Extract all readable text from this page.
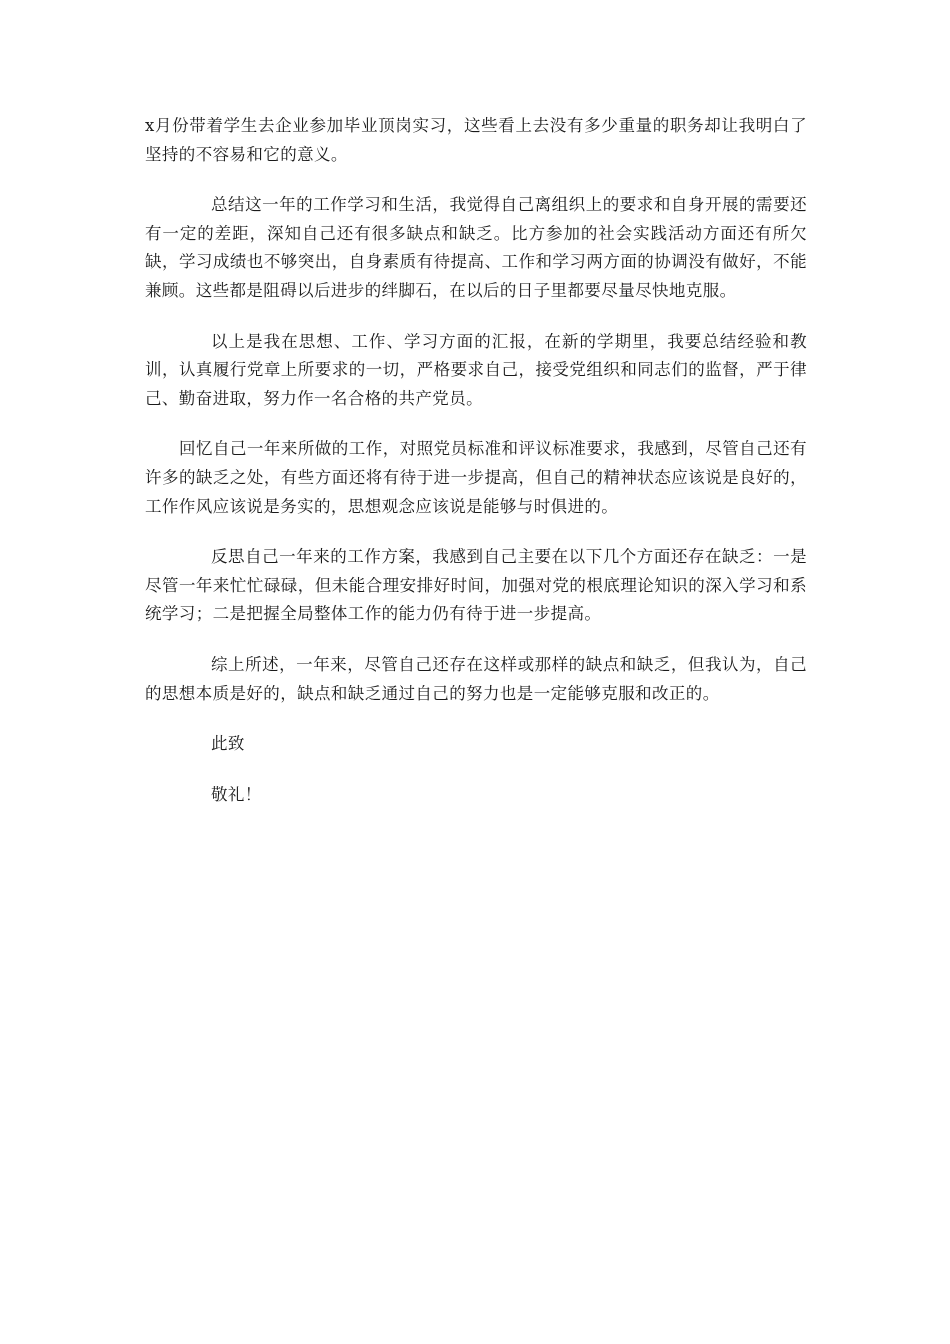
x月份带着学生去企业参加毕业顶岗实习，这些看上去没有多少重量的职务却让我明白了坚持的不容易和它的意义。

总结这一年的工作学习和生活，我觉得自己离组织上的要求和自身开展的需要还有一定的差距，深知自己还有很多缺点和缺乏。比方参加的社会实践活动方面还有所欠缺，学习成绩也不够突出，自身素质有待提高、工作和学习两方面的协调没有做好，不能兼顾。这些都是阻碍以后进步的绊脚石，在以后的日子里都要尽量尽快地克服。

以上是我在思想、工作、学习方面的汇报，在新的学期里，我要总结经验和教训，认真履行党章上所要求的一切，严格要求自己，接受党组织和同志们的监督，严于律己、勤奋进取，努力作一名合格的共产党员。

回忆自己一年来所做的工作，对照党员标准和评议标准要求，我感到，尽管自己还有许多的缺乏之处，有些方面还将有待于进一步提高，但自己的精神状态应该说是良好的，工作作风应该说是务实的，思想观念应该说是能够与时俱进的。

反思自己一年来的工作方案，我感到自己主要在以下几个方面还存在缺乏：一是尽管一年来忙忙碌碌，但未能合理安排好时间，加强对党的根底理论知识的深入学习和系统学习；二是把握全局整体工作的能力仍有待于进一步提高。

综上所述，一年来，尽管自己还存在这样或那样的缺点和缺乏，但我认为，自己的思想本质是好的，缺点和缺乏通过自己的努力也是一定能够克服和改正的。

此致

敬礼！
